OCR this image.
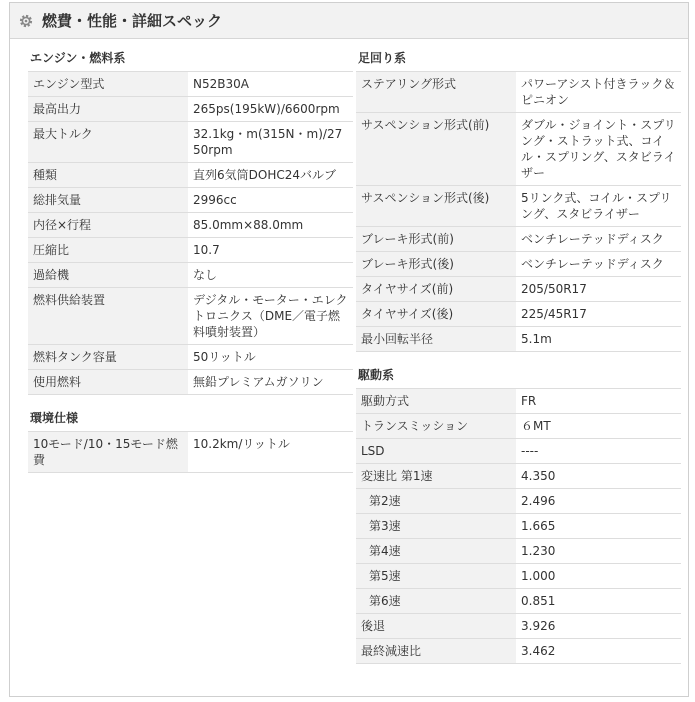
燃費・性能・詳細スペック
エンジン・燃料系
エンジン型式	N52B30A
最高出力	265ps(195kW)/6600rpm
最大トルク	32.1kg・m(315N・m)/2750rpm
種類	直列6気筒DOHC24バルブ
総排気量	2996cc
内径×行程	85.0mm×88.0mm
圧縮比	10.7
過給機	なし
燃料供給装置	デジタル・モーター・エレクトロニクス（DME／電子燃料噴射装置）
燃料タンク容量	50リットル
使用燃料	無鉛プレミアムガソリン
環境仕様
10モード/10・15モード燃費	10.2km/リットル
足回り系
ステアリング形式	パワーアシスト付きラック＆ピニオン
サスペンション形式(前)	ダブル・ジョイント・スプリング・ストラット式、コイル・スプリング、スタビライザー
サスペンション形式(後)	5リンク式、コイル・スプリング、スタビライザー
ブレーキ形式(前)	ベンチレーテッドディスク
ブレーキ形式(後)	ベンチレーテッドディスク
タイヤサイズ(前)	205/50R17
タイヤサイズ(後)	225/45R17
最小回転半径	5.1m
駆動系
駆動方式	FR
トランスミッション	６MT
LSD	----
変速比 第1速	4.350
第2速	2.496
第3速	1.665
第4速	1.230
第5速	1.000
第6速	0.851
後退	3.926
最終減速比	3.462
